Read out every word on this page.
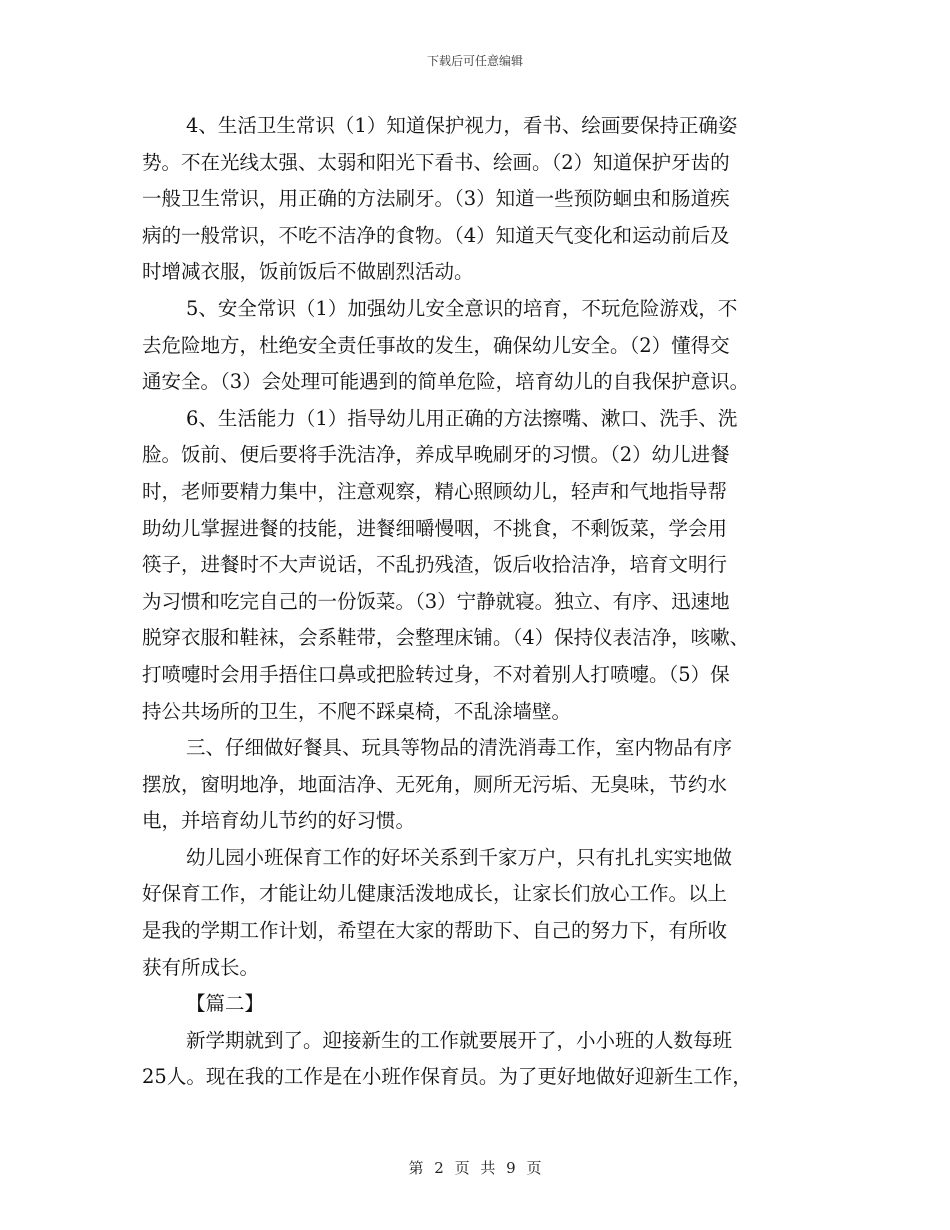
下载后可任意编辑
4、生活卫生常识（1）知道保护视力，看书、绘画要保持正确姿
势。不在光线太强、太弱和阳光下看书、绘画。（2）知道保护牙齿的
一般卫生常识，用正确的方法刷牙。（3）知道一些预防蛔虫和肠道疾
病的一般常识，不吃不洁净的食物。（4）知道天气变化和运动前后及
时增减衣服，饭前饭后不做剧烈活动。
5、安全常识（1）加强幼儿安全意识的培育，不玩危险游戏，不
去危险地方，杜绝安全责任事故的发生，确保幼儿安全。（2）懂得交
通安全。（3）会处理可能遇到的简单危险，培育幼儿的自我保护意识。
6、生活能力（1）指导幼儿用正确的方法擦嘴、漱口、洗手、洗
脸。饭前、便后要将手洗洁净，养成早晚刷牙的习惯。（2）幼儿进餐
时，老师要精力集中，注意观察，精心照顾幼儿，轻声和气地指导帮
助幼儿掌握进餐的技能，进餐细嚼慢咽，不挑食，不剩饭菜，学会用
筷子，进餐时不大声说话，不乱扔残渣，饭后收拾洁净，培育文明行
为习惯和吃完自己的一份饭菜。（3）宁静就寝。独立、有序、迅速地
脱穿衣服和鞋袜，会系鞋带，会整理床铺。（4）保持仪表洁净，咳嗽、
打喷嚏时会用手捂住口鼻或把脸转过身，不对着别人打喷嚏。（5）保
持公共场所的卫生，不爬不踩桌椅，不乱涂墙壁。
三、仔细做好餐具、玩具等物品的清洗消毒工作，室内物品有序
摆放，窗明地净，地面洁净、无死角，厕所无污垢、无臭味，节约水
电，并培育幼儿节约的好习惯。
幼儿园小班保育工作的好坏关系到千家万户，只有扎扎实实地做
好保育工作，才能让幼儿健康活泼地成长，让家长们放心工作。以上
是我的学期工作计划，希望在大家的帮助下、自己的努力下，有所收
获有所成长。
【篇二】
新学期就到了。迎接新生的工作就要展开了，小小班的人数每班
25人。现在我的工作是在小班作保育员。为了更好地做好迎新生工作，
第 2 页 共 9 页
